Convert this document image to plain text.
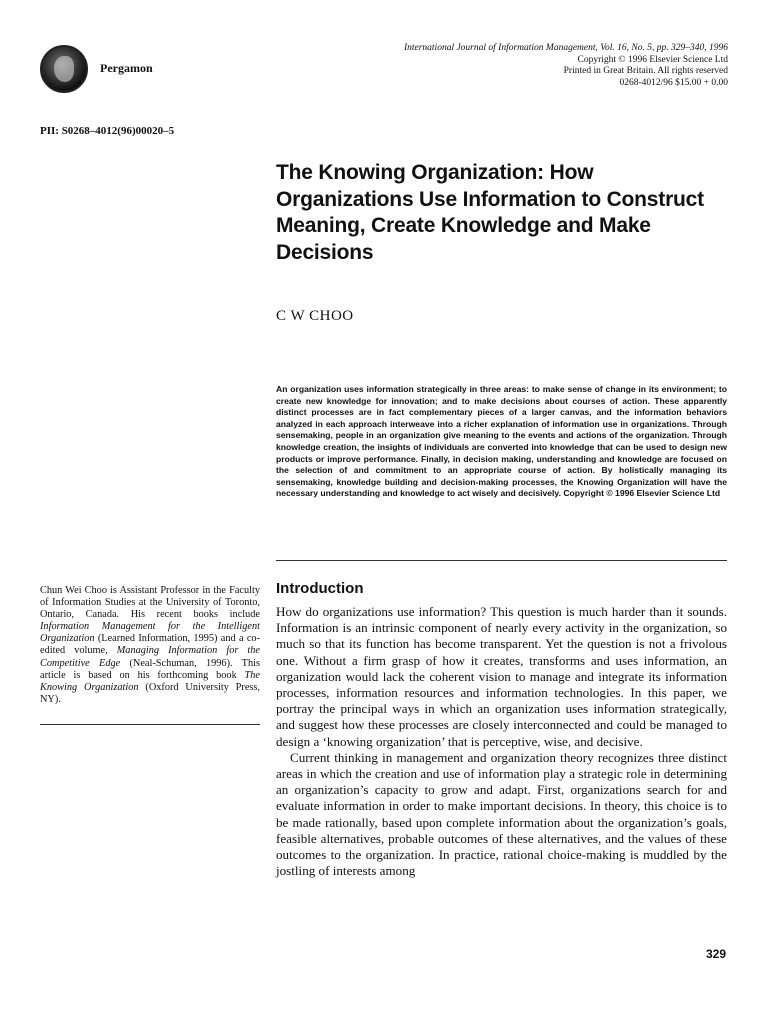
Pergamon
International Journal of Information Management, Vol. 16, No. 5, pp. 329–340, 1996
Copyright © 1996 Elsevier Science Ltd
Printed in Great Britain. All rights reserved
0268-4012/96 $15.00 + 0.00
PII: S0268–4012(96)00020–5
The Knowing Organization: How Organizations Use Information to Construct Meaning, Create Knowledge and Make Decisions
C W CHOO

An organization uses information strategically in three areas: to make sense of change in its environment; to create new knowledge for innovation; and to make decisions about courses of action. These apparently distinct processes are in fact complementary pieces of a larger canvas, and the information behaviors analyzed in each approach interweave into a richer explanation of information use in organizations. Through sensemaking, people in an organization give meaning to the events and actions of the organization. Through knowledge creation, the insights of individuals are converted into knowledge that can be used to design new products or improve performance. Finally, in decision making, understanding and knowledge are focused on the selection of and commitment to an appropriate course of action. By holistically managing its sensemaking, knowledge building and decision-making processes, the Knowing Organization will have the necessary understanding and knowledge to act wisely and decisively. Copyright © 1996 Elsevier Science Ltd

Chun Wei Choo is Assistant Professor in the Faculty of Information Studies at the University of Toronto, Ontario, Canada. His recent books include Information Management for the Intelligent Organization (Learned Information, 1995) and a co-edited volume, Managing Information for the Competitive Edge (Neal-Schuman, 1996). This article is based on his forthcoming book The Knowing Organization (Oxford University Press, NY).

Introduction

How do organizations use information? This question is much harder than it sounds. Information is an intrinsic component of nearly every activity in the organization, so much so that its function has become transparent. Yet the question is not a frivolous one. Without a firm grasp of how it creates, transforms and uses information, an organization would lack the coherent vision to manage and integrate its information processes, information resources and information technologies. In this paper, we portray the principal ways in which an organization uses information strategically, and suggest how these processes are closely interconnected and could be managed to design a ‘knowing organization’ that is perceptive, wise, and decisive.

Current thinking in management and organization theory recognizes three distinct areas in which the creation and use of information play a strategic role in determining an organization’s capacity to grow and adapt. First, organizations search for and evaluate information in order to make important decisions. In theory, this choice is to be made rationally, based upon complete information about the organization’s goals, feasible alternatives, probable outcomes of these alternatives, and the values of these outcomes to the organization. In practice, rational choice-making is muddled by the jostling of interests among

329
